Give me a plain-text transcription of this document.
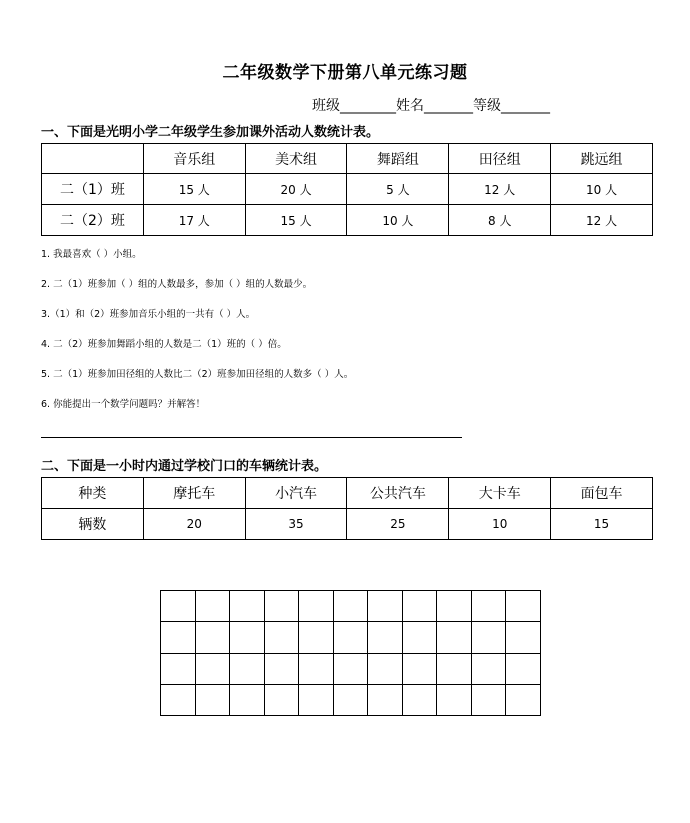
二年级数学下册第八单元练习题
班级________姓名_______等级_______
一、下面是光明小学二年级学生参加课外活动人数统计表。
	音乐组	美术组	舞蹈组	田径组	跳远组
二（1）班	15 人	20 人	5 人	12 人	10 人
二（2）班	17 人	15 人	10 人	8 人	12 人
1. 我最喜欢（ ）小组。
2. 二（1）班参加（ ）组的人数最多，参加（ ）组的人数最少。
3.（1）和（2）班参加音乐小组的一共有（ ）人。
4. 二（2）班参加舞蹈小组的人数是二（1）班的（ ）倍。
5. 二（1）班参加田径组的人数比二（2）班参加田径组的人数多（ ）人。
6. 你能提出一个数学问题吗？并解答！
二、下面是一小时内通过学校门口的车辆统计表。
种类	摩托车	小汽车	公共汽车	大卡车	面包车
辆数	20	35	25	10	15
